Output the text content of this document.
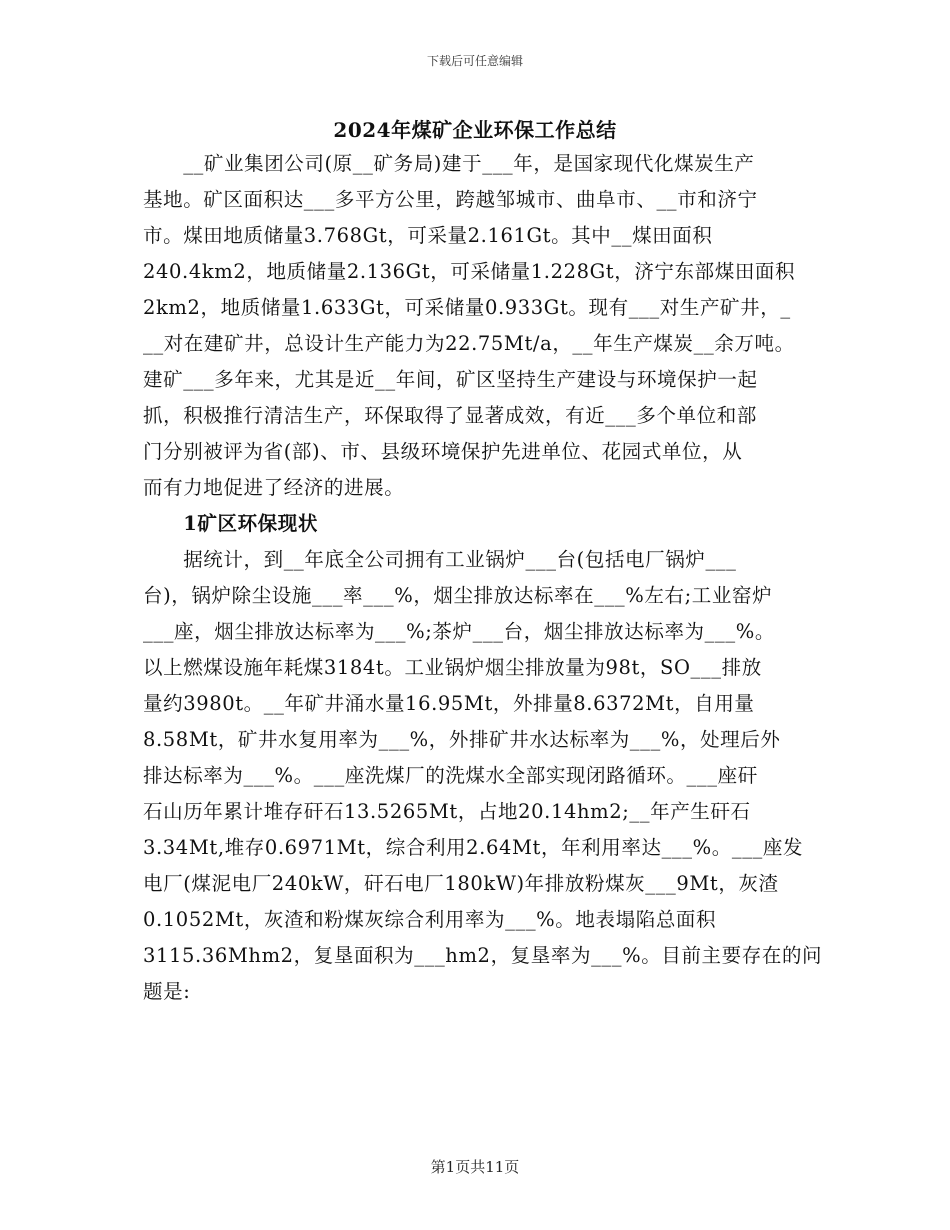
下载后可任意编辑
2024年煤矿企业环保工作总结
　　__矿业集团公司(原__矿务局)建于___年，是国家现代化煤炭生产
基地。矿区面积达___多平方公里，跨越邹城市、曲阜市、__市和济宁
市。煤田地质储量3.768Gt，可采量2.161Gt。其中__煤田面积
240.4km2，地质储量2.136Gt，可采储量1.228Gt，济宁东部煤田面积
2km2，地质储量1.633Gt，可采储量0.933Gt。现有___对生产矿井，_
__对在建矿井，总设计生产能力为22.75Mt/a，__年生产煤炭__余万吨。
建矿___多年来，尤其是近__年间，矿区坚持生产建设与环境保护一起
抓，积极推行清洁生产，环保取得了显著成效，有近___多个单位和部
门分别被评为省(部)、市、县级环境保护先进单位、花园式单位，从
而有力地促进了经济的进展。
　　1矿区环保现状
　　据统计，到__年底全公司拥有工业锅炉___台(包括电厂锅炉___
台)，锅炉除尘设施___率___%，烟尘排放达标率在___%左右;工业窑炉
___座，烟尘排放达标率为___%;茶炉___台，烟尘排放达标率为___%。
以上燃煤设施年耗煤3184t。工业锅炉烟尘排放量为98t，SO___排放
量约3980t。__年矿井涌水量16.95Mt，外排量8.6372Mt，自用量
8.58Mt，矿井水复用率为___%，外排矿井水达标率为___%，处理后外
排达标率为___%。___座洗煤厂的洗煤水全部实现闭路循环。___座矸
石山历年累计堆存矸石13.5265Mt，占地20.14hm2;__年产生矸石
3.34Mt,堆存0.6971Mt，综合利用2.64Mt，年利用率达___%。___座发
电厂(煤泥电厂240kW，矸石电厂180kW)年排放粉煤灰___9Mt，灰渣
0.1052Mt，灰渣和粉煤灰综合利用率为___%。地表塌陷总面积
3115.36Mhm2，复垦面积为___hm2，复垦率为___%。目前主要存在的问
题是:
第1页共11页
